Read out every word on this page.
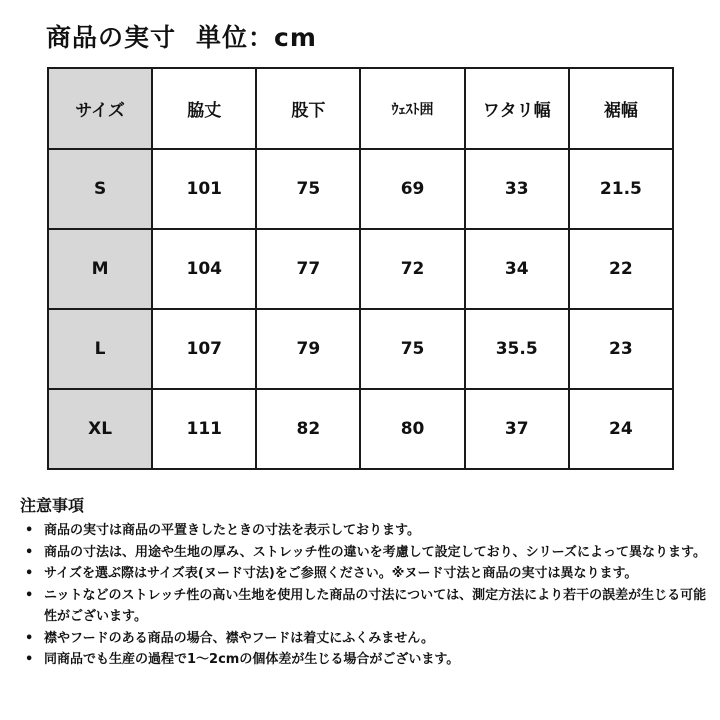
商品の実寸 単位：cm
サイズ	脇丈	股下	ｳｪｽﾄ囲	ワタリ幅	裾幅
S	101	75	69	33	21.5
M	104	77	72	34	22
L	107	79	75	35.5	23
XL	111	82	80	37	24
注意事項
• 商品の実寸は商品の平置きしたときの寸法を表示しております。
• 商品の寸法は、用途や生地の厚み、ストレッチ性の違いを考慮して設定しており、シリーズによって異なります。
• サイズを選ぶ際はサイズ表(ヌード寸法)をご参照ください。※ヌード寸法と商品の実寸は異なります。
• ニットなどのストレッチ性の高い生地を使用した商品の寸法については、測定方法により若干の誤差が生じる可能性がございます。
• 襟やフードのある商品の場合、襟やフードは着丈にふくみません。
• 同商品でも生産の過程で1〜2cmの個体差が生じる場合がございます。
